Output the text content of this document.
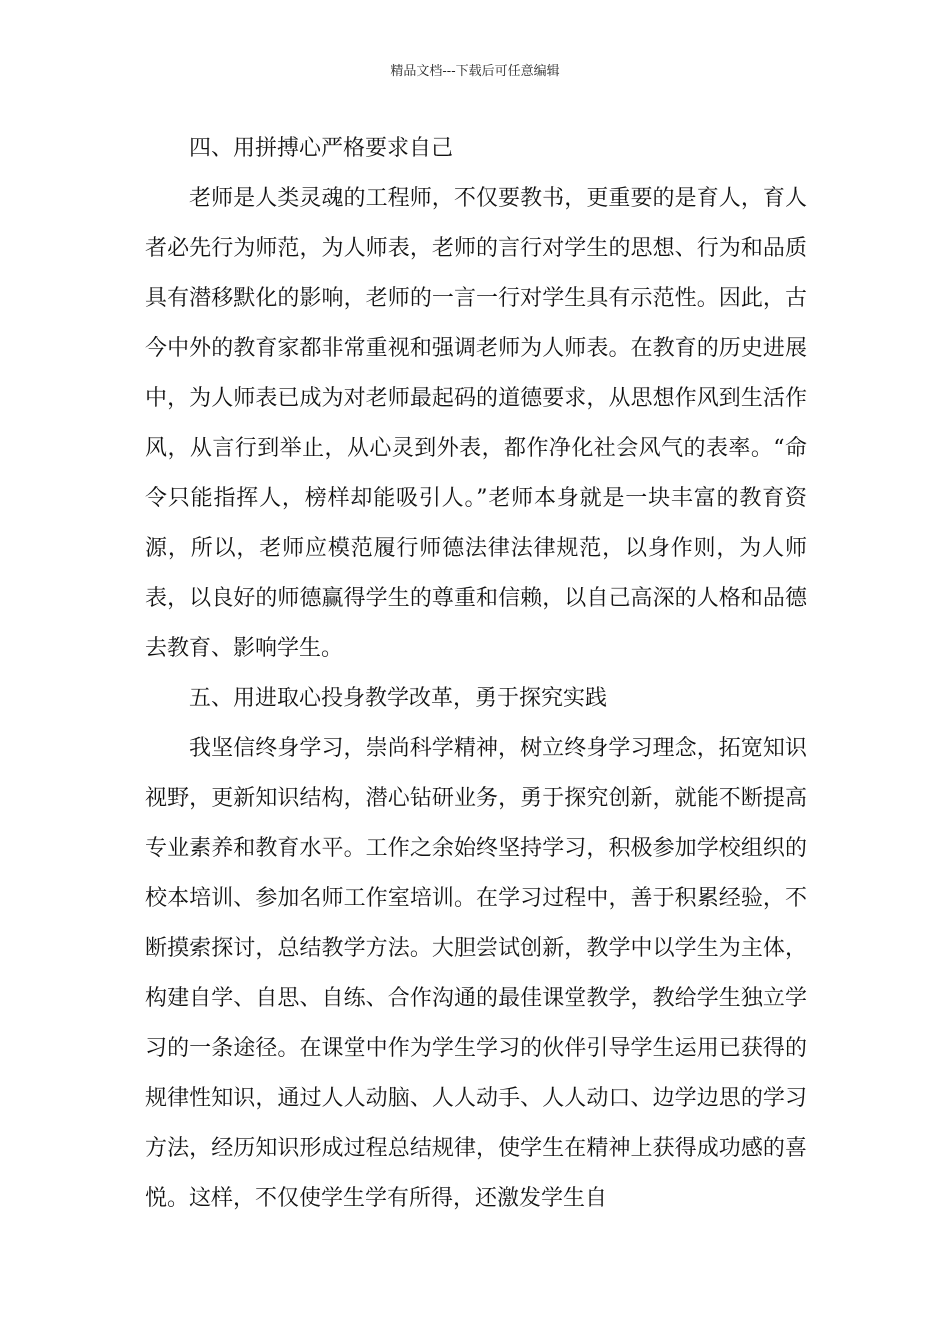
精品文档---下载后可任意编辑

四、用拼搏心严格要求自己

老师是人类灵魂的工程师，不仅要教书，更重要的是育人，育人者必先行为师范，为人师表，老师的言行对学生的思想、行为和品质具有潜移默化的影响，老师的一言一行对学生具有示范性。因此，古今中外的教育家都非常重视和强调老师为人师表。在教育的历史进展中，为人师表已成为对老师最起码的道德要求，从思想作风到生活作风，从言行到举止，从心灵到外表，都作净化社会风气的表率。“命令只能指挥人，榜样却能吸引人。”老师本身就是一块丰富的教育资源，所以，老师应模范履行师德法律法律规范，以身作则，为人师表，以良好的师德赢得学生的尊重和信赖，以自己高深的人格和品德去教育、影响学生。

五、用进取心投身教学改革，勇于探究实践

我坚信终身学习，崇尚科学精神，树立终身学习理念，拓宽知识视野，更新知识结构，潜心钻研业务，勇于探究创新，就能不断提高专业素养和教育水平。工作之余始终坚持学习，积极参加学校组织的校本培训、参加名师工作室培训。在学习过程中，善于积累经验，不断摸索探讨，总结教学方法。大胆尝试创新，教学中以学生为主体，构建自学、自思、自练、合作沟通的最佳课堂教学，教给学生独立学习的一条途径。在课堂中作为学生学习的伙伴引导学生运用已获得的规律性知识，通过人人动脑、人人动手、人人动口、边学边思的学习方法，经历知识形成过程总结规律，使学生在精神上获得成功感的喜悦。这样，不仅使学生学有所得，还激发学生自
